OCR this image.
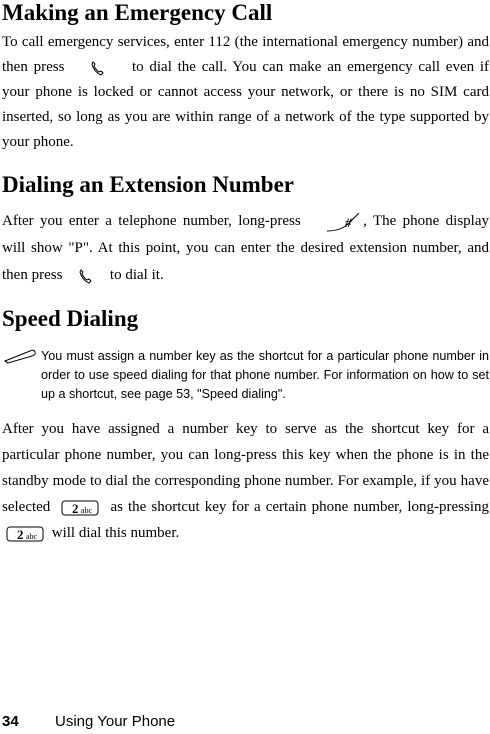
Making an Emergency Call

To call emergency services, enter 112 (the international emergency number) and then press	to dial the call. You can make an emergency call even if your phone is locked or cannot access your network, or there is no SIM card inserted, so long as you are within range of a network of the type supported by your phone.

Dialing an Extension Number

After you enter a telephone number, long-press	# , The phone display will show "P". At this point, you can enter the desired extension number, and then press	to dial it.

Speed Dialing
You must assign a number key as the shortcut for a particular phone number in order to use speed dialing for that phone number. For information on how to set up a shortcut, see page 53, "Speed dialing".

After you have assigned a number key to serve as the shortcut key for a particular phone number, you can long-press this key when the phone is in the standby mode to dial the corresponding phone number. For example, if you have selected 2 abc as the shortcut key for a certain phone number, long-pressing
2 abc will dial this number.

34 Using Your Phone
